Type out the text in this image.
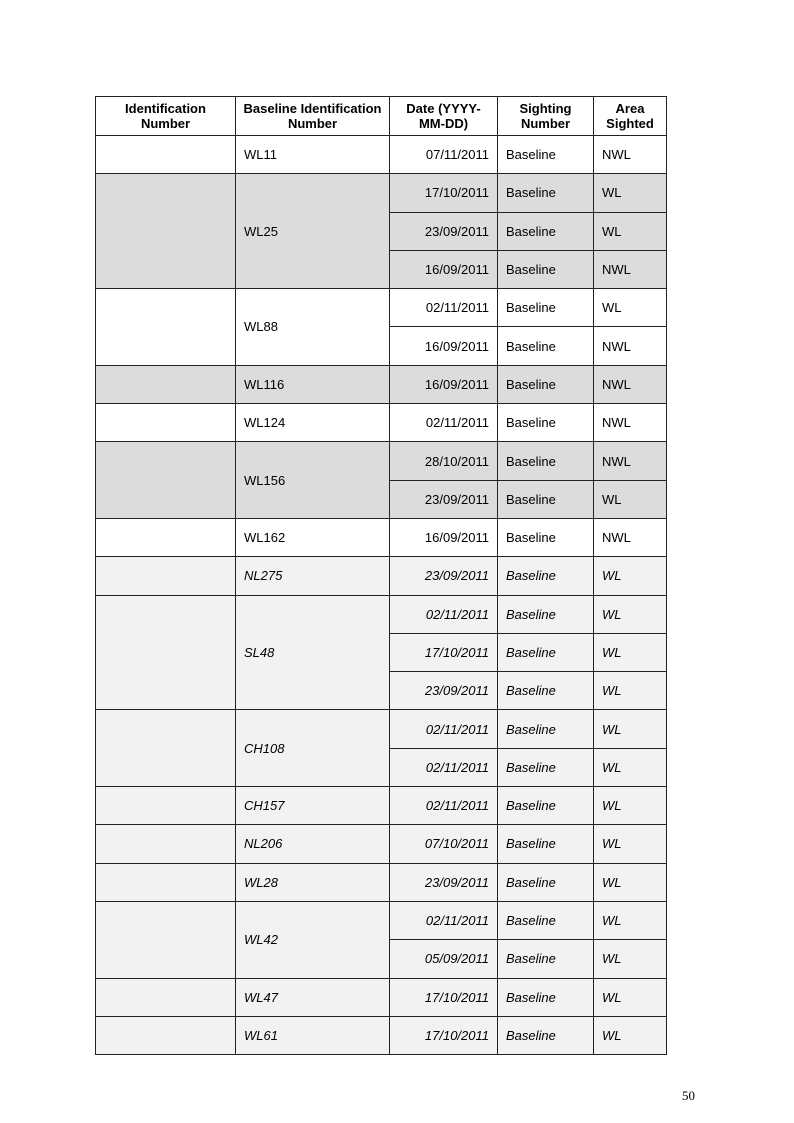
Identification Number	Baseline Identification Number	Date (YYYY-MM-DD)	Sighting Number	Area Sighted
	WL11	07/11/2011	Baseline	NWL
	WL25	17/10/2011	Baseline	WL
		23/09/2011	Baseline	WL
		16/09/2011	Baseline	NWL
	WL88	02/11/2011	Baseline	WL
		16/09/2011	Baseline	NWL
	WL116	16/09/2011	Baseline	NWL
	WL124	02/11/2011	Baseline	NWL
	WL156	28/10/2011	Baseline	NWL
		23/09/2011	Baseline	WL
	WL162	16/09/2011	Baseline	NWL
	NL275	23/09/2011	Baseline	WL
	SL48	02/11/2011	Baseline	WL
		17/10/2011	Baseline	WL
		23/09/2011	Baseline	WL
	CH108	02/11/2011	Baseline	WL
		02/11/2011	Baseline	WL
	CH157	02/11/2011	Baseline	WL
	NL206	07/10/2011	Baseline	WL
	WL28	23/09/2011	Baseline	WL
	WL42	02/11/2011	Baseline	WL
		05/09/2011	Baseline	WL
	WL47	17/10/2011	Baseline	WL
	WL61	17/10/2011	Baseline	WL
50
